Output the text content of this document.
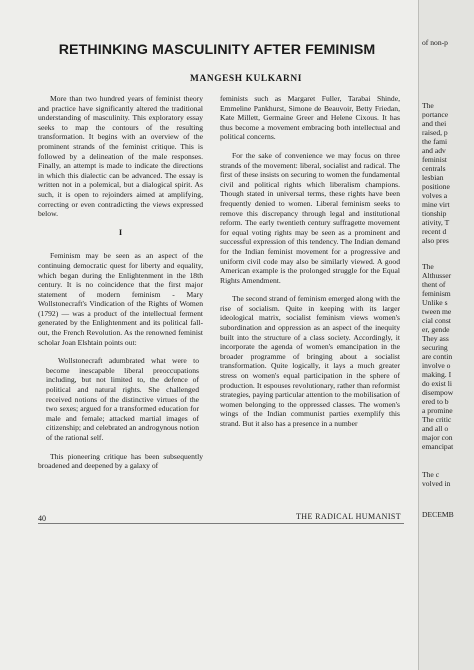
RETHINKING MASCULINITY AFTER FEMINISM
MANGESH KULKARNI

More than two hundred years of feminist theory and practice have significantly altered the traditional understanding of masculinity. This exploratory essay seeks to map the contours of the resulting transformation. It begins with an overview of the prominent strands of the feminist critique. This is followed by a delineation of the male responses. Finally, an attempt is made to indicate the directions in which this dialectic can be advanced. The essay is written not in a polemical, but a dialogical spirit. As such, it is open to rejoinders aimed at amplifying, correcting or even contradicting the views expressed below.

I

Feminism may be seen as an aspect of the continuing democratic quest for liberty and equality, which began during the Enlightenment in the 18th century. It is no coincidence that the first major statement of modern feminism - Mary Wollstonecraft's Vindication of the Rights of Women (1792) — was a product of the intellectual ferment generated by the Enlightenment and its political fall-out, the French Revolution. As the renowned feminist scholar Joan Elshtain points out:

Wollstonecraft adumbrated what were to become inescapable liberal preoccupations including, but not limited to, the defence of political and natural rights. She challenged received notions of the distinctive virtues of the two sexes; argued for a transformed education for male and female; attacked martial images of citizenship; and celebrated an androgynous notion of the rational self.

This pioneering critique has been subsequently broadened and deepened by a galaxy of

feminists such as Margaret Fuller, Tarabai Shinde, Emmeline Pankhurst, Simone de Beauvoir, Betty Friedan, Kate Millett, Germaine Greer and Helene Cixous. It has thus become a movement embracing both intellectual and political concerns.

For the sake of convenience we may focus on three strands of the movement: liberal, socialist and radical. The first of these insists on securing to women the fundamental civil and political rights which liberalism champions. Though stated in universal terms, these rights have been frequently denied to women. Liberal feminism seeks to remove this discrepancy through legal and institutional reform. The early twentieth century suffragette movement for equal voting rights may be seen as a prominent and successful expression of this tendency. The Indian demand for the Indian feminist movement for a progressive and uniform civil code may also be similarly viewed. A good American example is the prolonged struggle for the Equal Rights Amendment.

The second strand of feminism emerged along with the rise of socialism. Quite in keeping with its larger ideological matrix, socialist feminism views women's subordination and oppression as an aspect of the inequity built into the structure of a class society. Accordingly, it incorporate the agenda of women's emancipation in the broader programme of bringing about a socialist transformation. Quite logically, it lays a much greater stress on women's equal participation in the sphere of production. It espouses revolutionary, rather than reformist strategies, paying particular attention to the mobilisation of women belonging to the oppressed classes. The women's wings of the Indian communist parties exemplify this strand. But it also has a presence in a number

40	THE RADICAL HUMANIST
of non-p
The
portance
and thei
raised, p
the fami
and adv
feminist
centrals
lesbian
positione
volves a
mine virt
tionship
ativity, T
recent d
also pres
The
Althusser
thent of
feminism
Unlike s
tween me
cial const
er, gende
They ass
securing
are contin
involve o
making. I
do exist li
disempow
ered to b
a promine
The critic
and all o
major con
emancipat
The c
volved in
DECEMB
